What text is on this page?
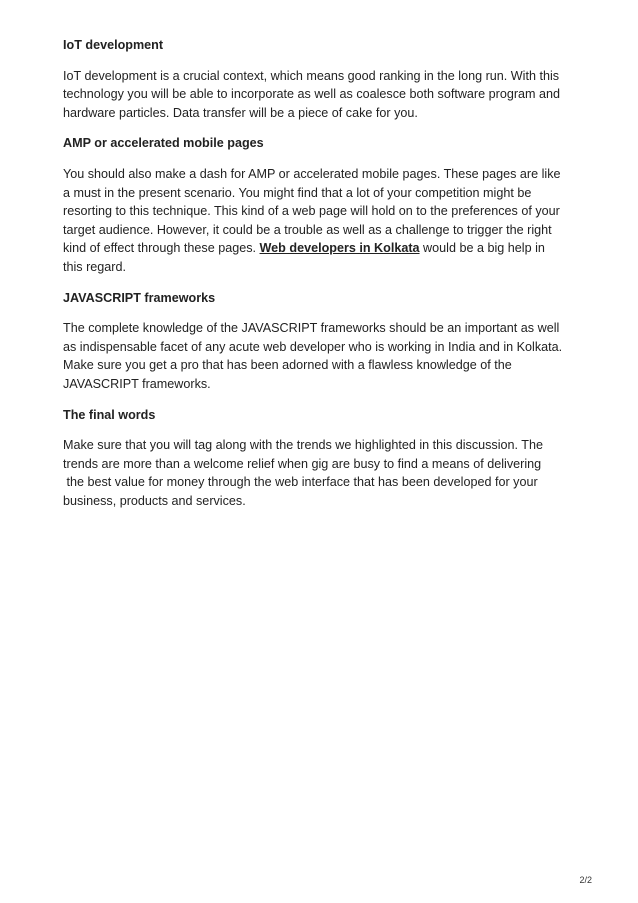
IoT development

IoT development is a crucial context, which means good ranking in the long run. With this
technology you will be able to incorporate as well as coalesce both software program and
hardware particles. Data transfer will be a piece of cake for you.

AMP or accelerated mobile pages

You should also make a dash for AMP or accelerated mobile pages. These pages are like
a must in the present scenario. You might find that a lot of your competition might be
resorting to this technique. This kind of a web page will hold on to the preferences of your
target audience. However, it could be a trouble as well as a challenge to trigger the right
kind of effect through these pages. Web developers in Kolkata would be a big help in
this regard.

JAVASCRIPT frameworks

The complete knowledge of the JAVASCRIPT frameworks should be an important as well
as indispensable facet of any acute web developer who is working in India and in Kolkata.
Make sure you get a pro that has been adorned with a flawless knowledge of the
JAVASCRIPT frameworks.

The final words

Make sure that you will tag along with the trends we highlighted in this discussion. The
trends are more than a welcome relief when gig are busy to find a means of delivering
the best value for money through the web interface that has been developed for your
business, products and services.

2/2
